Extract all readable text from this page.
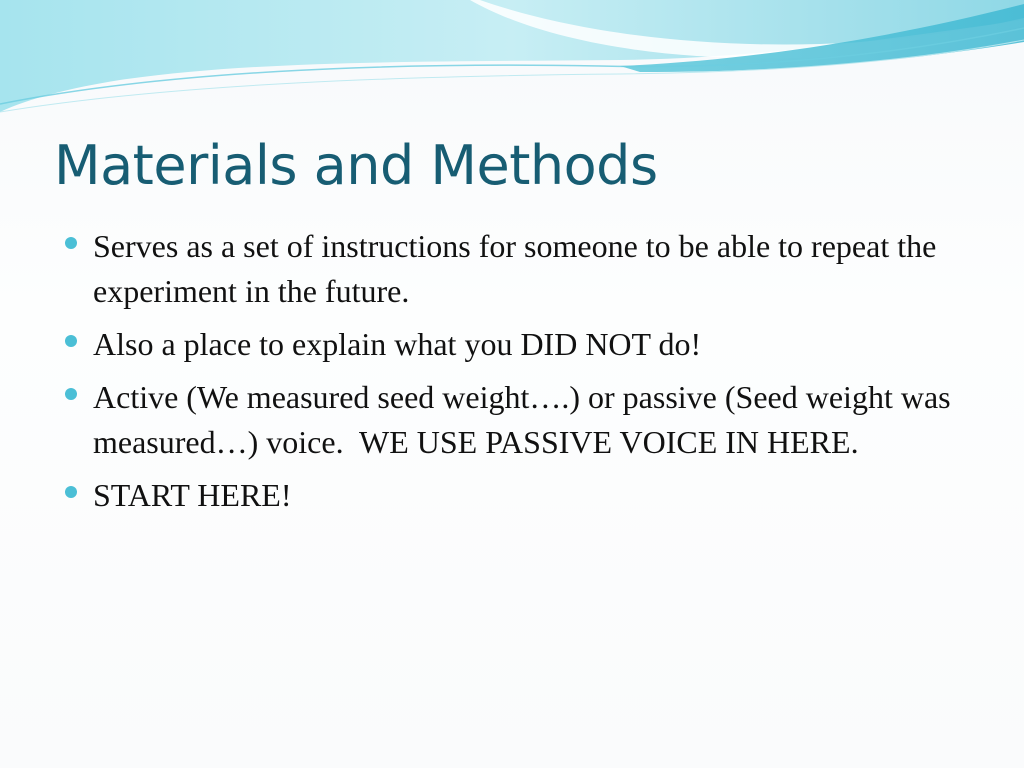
Materials and Methods
Serves as a set of instructions for someone to be able to repeat the experiment in the future.
Also a place to explain what you DID NOT do!
Active (We measured seed weight….) or passive (Seed weight was measured…) voice.  WE USE PASSIVE VOICE IN HERE.
START HERE!
